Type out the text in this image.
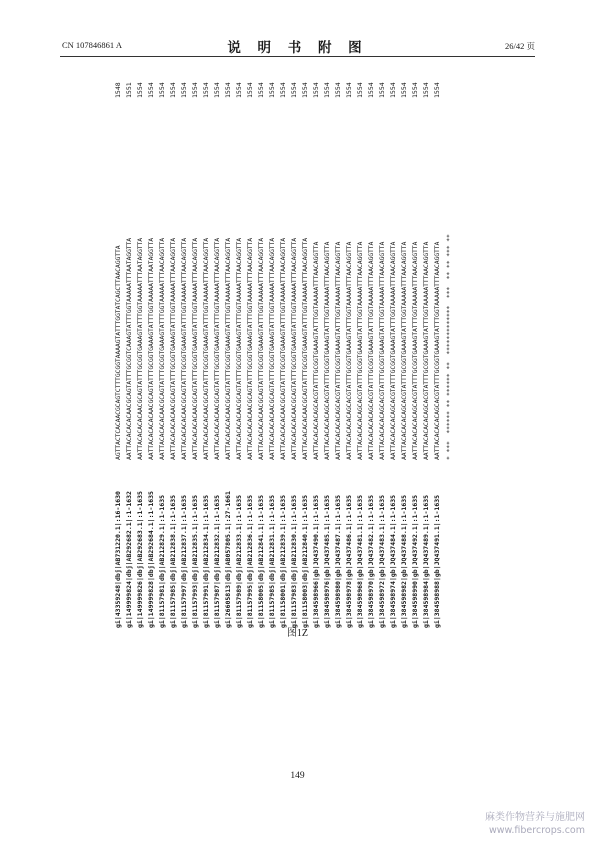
CN 107846861 A	说 明 书 附 图	26/42 页
gi|43359248|dbj|AB731220.1|:16-1630
AGTTACTCACAACGCAGTCTTTGCGGTAAAAGTATTTGGTATCAGCTTAACAGGTTA
1548
gi|149999824|dbj|AB292682.1|:1-1632
AATTACACACACAACGCAGTATTTGCGGTCAAAGTATTTGGTAAAAATTTAATAGGTTA
1551
gi|149999826|dbj|AB292683.1|:1-1635
AATTACACACACAACGCAGTATTTGCGGTGAAAGTATTTGGTAAAAATTTAATAGGTTA
1554
gi|149999828|dbj|AB292684.1|:1-1635
AATTACACACACAACGCAGTATTTGCGGTGAAAGTATTTGGTAAAAATTTAATAGGTTA
1554
gi|81157981|dbj|AB212829.1|:1-1635
AATTACACACACAACGCAGTATTTGCGGTGAAAGTATTTGGTAAAAATTTAACAGGTTA
1554
gi|81157985|dbj|AB212838.1|:1-1635
AATTACACACACAACGCAGTATTTGCGGTGAAAGTATTTGGTAAAAATTTAACAGGTTA
1554
gi|81157997|dbj|AB212837.1|:1-1635
AATTACACACACAACGCAGTATTTGCGGTGAAAGTATTTGGTAAAAATTTAACAGGTTA
1554
gi|81157993|dbj|AB212835.1|:1-1635
AATTACACACACAACGCAGTATTTGCGGTGAAAGTATTTGGTAAAAATTTAACAGGTTA
1554
gi|81157991|dbj|AB212834.1|:1-1635
AATTACACACACAACGCAGTATTTGCGGTGAAAGTATTTGGTAAAAATTTAACAGGTTA
1554
gi|81157987|dbj|AB212832.1|:1-1635
AATTACACACACAACGCAGTATTTGCGGTGAAAGTATTTGGTAAAAATTTAACAGGTTA
1554
gi|26605813|dbj|AB057805.1|:27-1661
AATTACACACACAACGCAGTATTTGCGGTGAAAGTATTTGGTAAAAATTTAACAGGTTA
1554
gi|81157989|dbj|AB212833.1|:1-1635
AATTACACACACAACGCAGTATTTGCGGTGAAAGTATTTGGTAAAAATTTAACAGGTTA
1554
gi|81157995|dbj|AB212836.1|:1-1635
AATTACACACACAACGCAGTATTTGCGGTGAAAGTATTTGGTAAAAATTTAACAGGTTA
1554
gi|81158005|dbj|AB212841.1|:1-1635
AATTACACACACAACGCAGTATTTGCGGTGAAAGTATTTGGTAAAAATTTAACAGGTTA
1554
gi|81157985|dbj|AB212831.1|:1-1635
AATTACACACACAACGCAGTATTTGCGGTGAAAGTATTTGGTAAAAATTTAACAGGTTA
1554
gi|81158001|dbj|AB212839.1|:1-1635
AATTACACACACAACGCAGTATTTGCGGTGAAAGTATTTGGTAAAAATTTAACAGGTTA
1554
gi|81157983|dbj|AB212830.1|:1-1635
AATTACACACACAACGCAGTATTTGCGGTGAAAGTATTTGGTAAAAATTTAACAGGTTA
1554
gi|81158003|dbj|AB212840.1|:1-1635
AATTACACACACAACGCAGTATTTGCGGTGAAAGTATTTGGTAAAAATTTAACAGGTTA
1554
gi|384598966|gb|JQ437490.1|:1-1635
AATTACACACACAGCACGTATTTGCGGTGAAAGTATTTGGTAAAAATTTAACAGGTTA
1554
gi|384598976|gb|JQ437485.1|:1-1635
AATTACACACACAGCACGTATTTGCGGTGAAAGTATTTGGTAAAAATTTAACAGGTTA
1554
gi|384598980|gb|JQ437487.1|:1-1635
AATTACACACACAGCACGTATTTGCGGTGAAAGTATTTGGTAAAAATTTAACAGGTTA
1554
gi|384598978|gb|JQ437486.1|:1-1635
AATTACACACACAGCACGTATTTGCGGTGAAAGTATTTGGTAAAAATTTAACAGGTTA
1554
gi|384598968|gb|JQ437481.1|:1-1635
AATTACACACACAGCACGTATTTGCGGTGAAAGTATTTGGTAAAAATTTAACAGGTTA
1554
gi|384598970|gb|JQ437482.1|:1-1635
AATTACACACACAGCACGTATTTGCGGTGAAAGTATTTGGTAAAAATTTAACAGGTTA
1554
gi|384598972|gb|JQ437483.1|:1-1635
AATTACACACACAGCACGTATTTGCGGTGAAAGTATTTGGTAAAAATTTAACAGGTTA
1554
gi|384598974|gb|JQ437484.1|:1-1635
AATTACACACACAGCACGTATTTGCGGTGAAAGTATTTGGTAAAAATTTAACAGGTTA
1554
gi|384598982|gb|JQ437488.1|:1-1635
AATTACACACACAGCACGTATTTGCGGTGAAAGTATTTGGTAAAAATTTAACAGGTTA
1554
gi|384598990|gb|JQ437492.1|:1-1635
AATTACACACACAGCACGTATTTGCGGTGAAAGTATTTGGTAAAAATTTAACAGGTTA
1554
gi|384598984|gb|JQ437489.1|:1-1635
AATTACACACACAGCACGTATTTGCGGTGAAAGTATTTGGTAAAAATTTAACAGGTTA
1554
gi|384598988|gb|JQ437491.1|:1-1635
AATTACACACACAGCACGTATTTGCGGTGAAAGTATTTGGTAAAAATTTAACAGGTTA
1554
* ***  ****** ** ****** **  *************  ***  ** ** *** **
图1Z
149
麻类作物营养与施肥网
www.fibercrops.com
